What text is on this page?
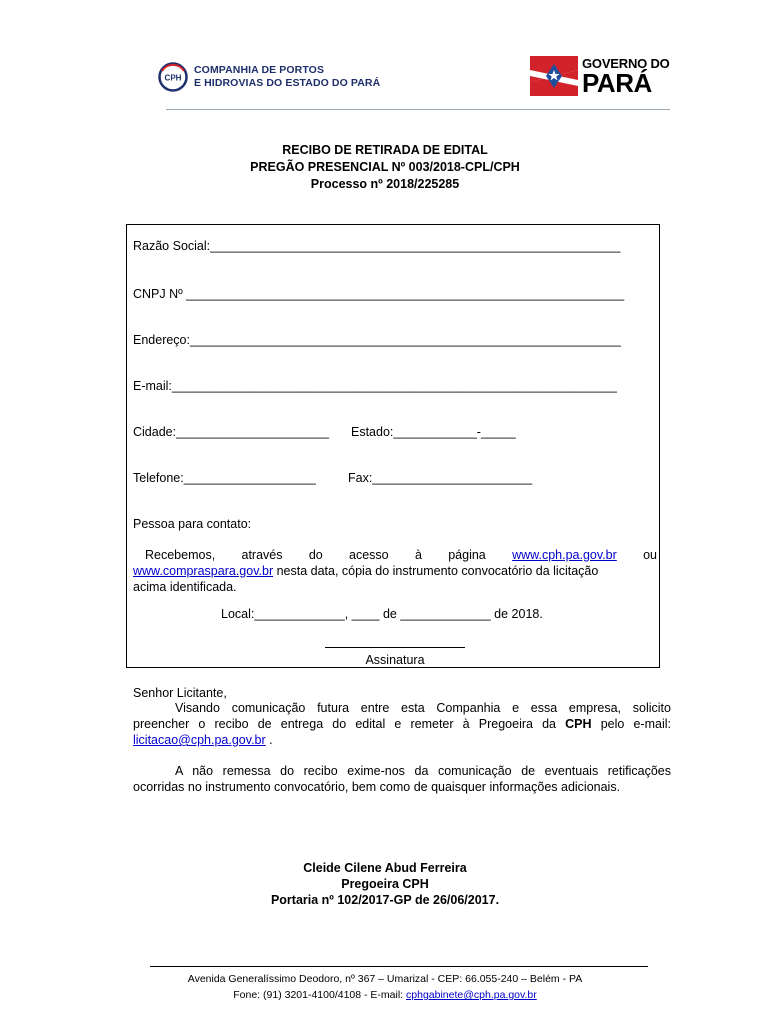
CPH
COMPANHIA DE PORTOS
E HIDROVIAS DO ESTADO DO PARÁ
GOVERNO DO
PARÁ
RECIBO DE RETIRADA DE EDITAL
PREGÃO PRESENCIAL Nº 003/2018-CPL/CPH
Processo nº 2018/225285
Razão Social:___________________________________________________________
CNPJ Nº _______________________________________________________________
Endereço:______________________________________________________________
E-mail:________________________________________________________________
Cidade:______________________ Estado:____________-_____
Telefone:___________________	Fax:_______________________
Pessoa para contato:
Recebemos, através do acesso à página www.cph.pa.gov.br ou
www.compraspara.gov.br nesta data, cópia do instrumento convocatório da licitação
acima identificada.
Local:_____________, ____ de _____________ de 2018.
Assinatura
Senhor Licitante,
Visando comunicação futura entre esta Companhia e essa empresa, solicito
preencher o recibo de entrega do edital e remeter à Pregoeira da CPH pelo e-mail:
licitacao@cph.pa.gov.br .
A não remessa do recibo exime-nos da comunicação de eventuais retificações
ocorridas no instrumento convocatório, bem como de quaisquer informações adicionais.
Cleide Cilene Abud Ferreira
Pregoeira CPH
Portaria nº 102/2017-GP de 26/06/2017.
Avenida Generalíssimo Deodoro, nº 367 – Umarizal - CEP: 66.055-240 – Belém - PA
Fone: (91) 3201-4100/4108 - E-mail: cphgabinete@cph.pa.gov.br
